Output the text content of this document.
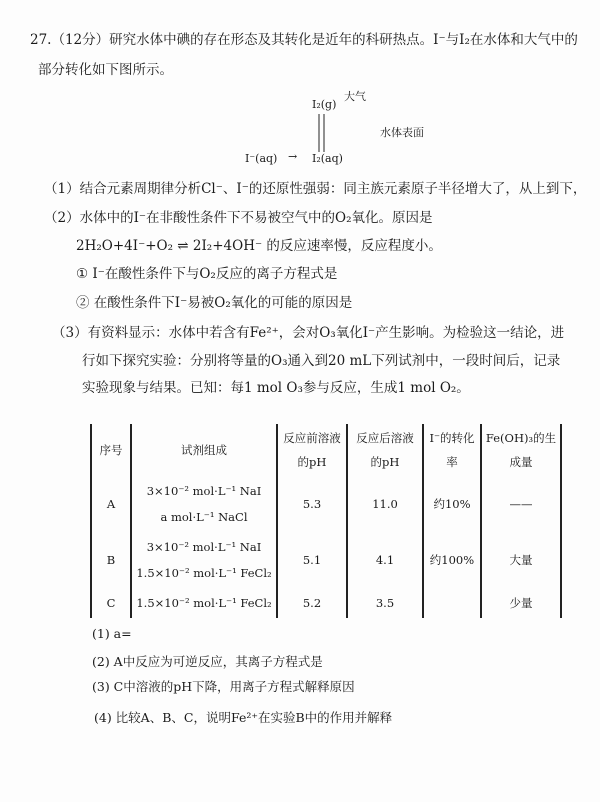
27.（12分）研究水体中碘的存在形态及其转化是近年的科研热点。I⁻与I₂在水体和大气中的
部分转化如下图所示。
I₂(g)
大气
水体表面
I⁻(aq) → I₂(aq)
（1）结合元素周期律分析Cl⁻、I⁻的还原性强弱：同主族元素原子半径增大了，从上到下，
（2）水体中的I⁻在非酸性条件下不易被空气中的O₂氧化。原因是
2H₂O+4I⁻+O₂ ⇌ 2I₂+4OH⁻ 的反应速率慢，反应程度小。
① I⁻在酸性条件下与O₂反应的离子方程式是
② 在酸性条件下I⁻易被O₂氧化的可能的原因是
（3）有资料显示：水体中若含有Fe²⁺，会对O₃氧化I⁻产生影响。为检验这一结论，进
行如下探究实验：分别将等量的O₃通入到20 mL下列试剂中，一段时间后，记录
实验现象与结果。已知：每1 mol O₃参与反应，生成1 mol O₂。
序号	试剂组成	反应前溶液的pH	反应后溶液的pH	I⁻的转化率	Fe(OH)₃的生成量
A	3×10⁻² mol·L⁻¹ NaI
a mol·L⁻¹ NaCl	5.3	11.0	约10%	——
B	3×10⁻² mol·L⁻¹ NaI
1.5×10⁻² mol·L⁻¹ FeCl₂	5.1	4.1	约100%	大量
C	1.5×10⁻² mol·L⁻¹ FeCl₂	5.2	3.5		少量
(1) a=
(2) A中反应为可逆反应，其离子方程式是
(3) C中溶液的pH下降，用离子方程式解释原因
(4) 比较A、B、C，说明Fe²⁺在实验B中的作用并解释
